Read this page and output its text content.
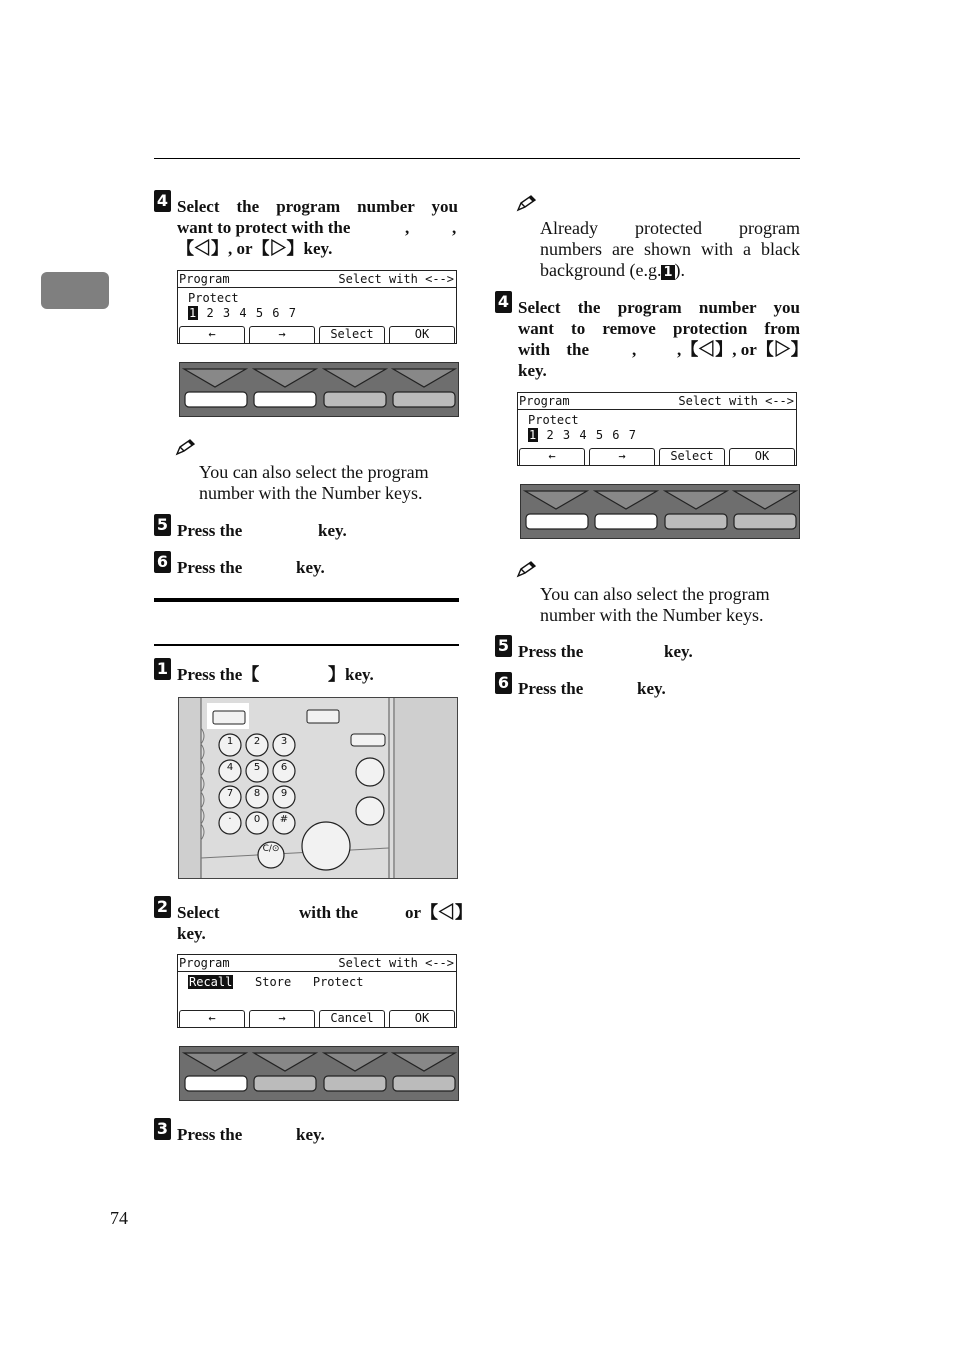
4 Select the program number you
want to protect with the	,	,
【◁】, or【▷】key.
Program	Select with <-->
Protect
1 2 3 4 5 6 7
←	→	Select	OK
You can also select the program number with the Number keys.
5 Press the	key.
6 Press the	key.
1 Press the【	】key.
1 2 3
4 5 6
7 8 9
· 0 #
C/⊙
2 Select	with the	or【◁】
key.
Program	Select with <-->
Recall Store Protect
←	→	Cancel	OK
3 Press the	key.
74
Already protected program numbers are shown with a black background (e.g. 1 ).
4 Select the program number you
want to remove protection from
with the	, ,【◁】, or【▷】
key.
Program	Select with <-->
Protect
1 2 3 4 5 6 7
←	→	Select	OK
You can also select the program number with the Number keys.
5 Press the	key.
6 Press the	key.
